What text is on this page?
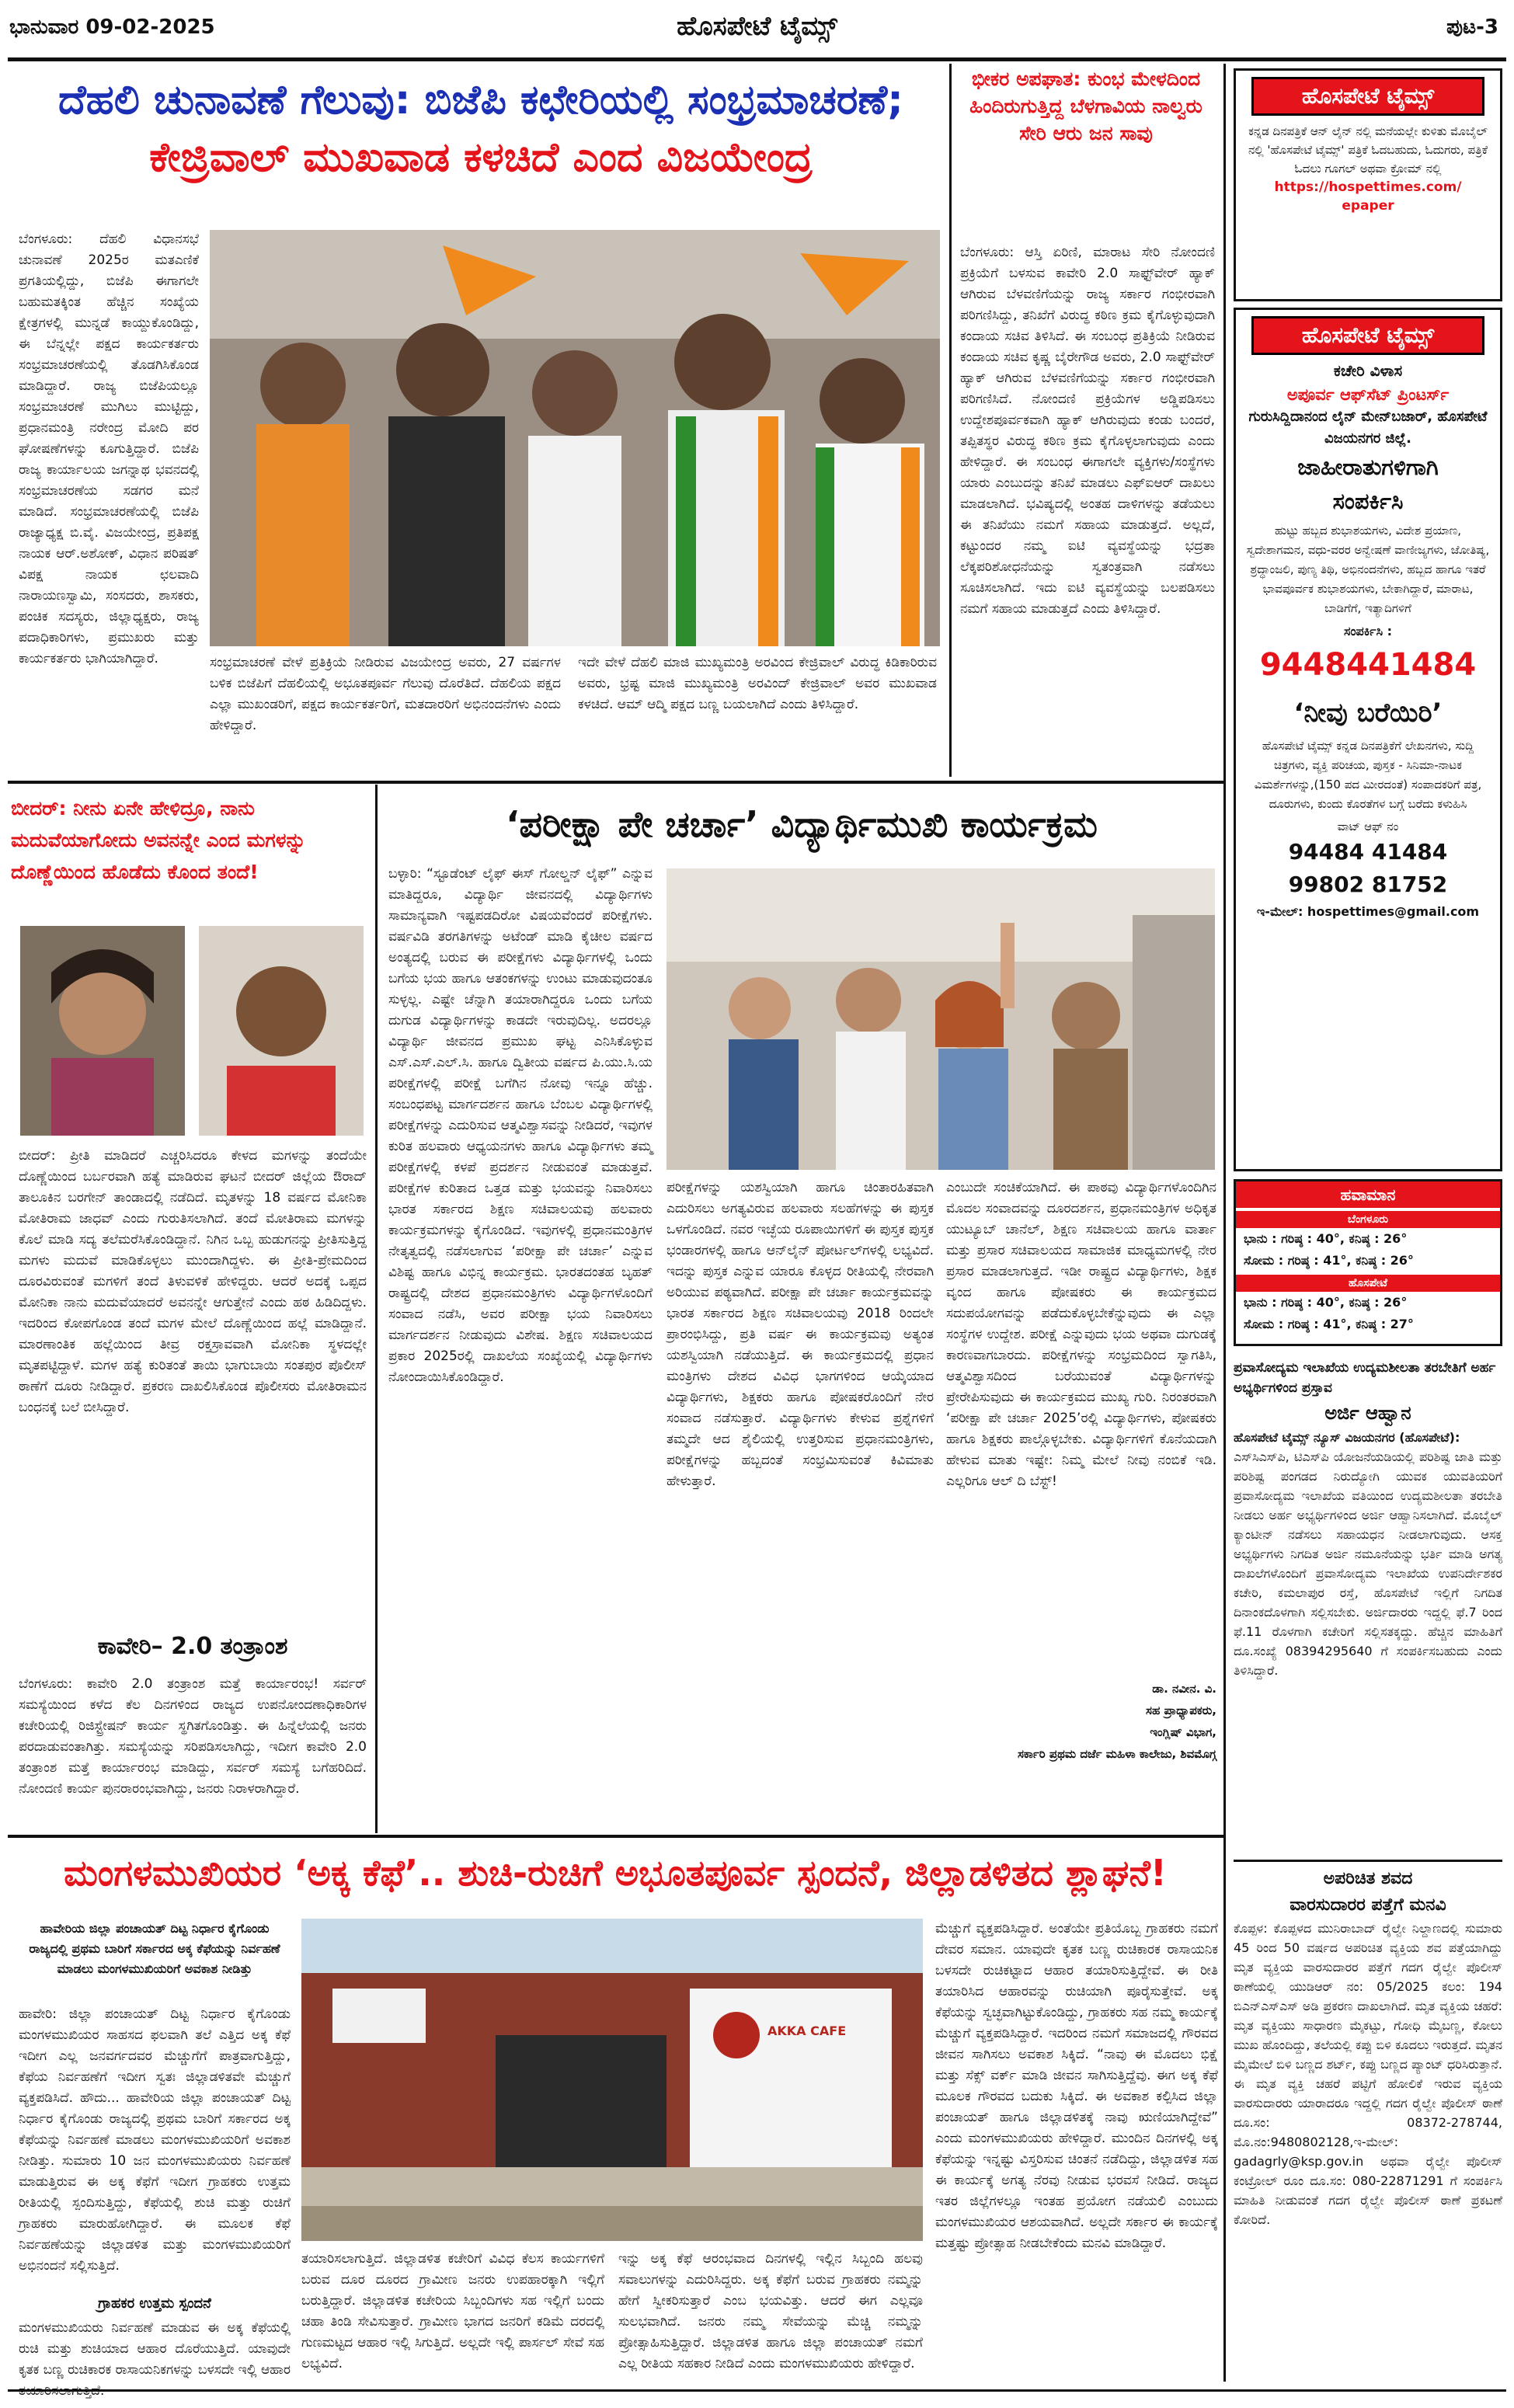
ಭಾನುವಾರ 09-02-2025	ಹೊಸಪೇಟೆ ಟೈಮ್ಸ್	ಪುಟ-3
ದೆಹಲಿ ಚುನಾವಣೆ ಗೆಲುವು: ಬಿಜೆಪಿ ಕಛೇರಿಯಲ್ಲಿ ಸಂಭ್ರಮಾಚರಣೆ;
ಕೇಜ್ರಿವಾಲ್ ಮುಖವಾಡ ಕಳಚಿದೆ ಎಂದ ವಿಜಯೇಂದ್ರ
ಬೆಂಗಳೂರು: ದೆಹಲಿ ವಿಧಾನಸಭೆ ಚುನಾವಣೆ 2025ರ ಮತಎಣಿಕೆ ಪ್ರಗತಿಯಲ್ಲಿದ್ದು, ಬಿಜೆಪಿ ಈಗಾಗಲೇ ಬಹುಮತಕ್ಕಿಂತ ಹೆಚ್ಚಿನ ಸಂಖ್ಯೆಯ ಕ್ಷೇತ್ರಗಳಲ್ಲಿ ಮುನ್ನಡೆ ಕಾಯ್ದುಕೊಂಡಿದ್ದು, ಈ ಬೆನ್ನಲ್ಲೇ ಪಕ್ಷದ ಕಾರ್ಯಕರ್ತರು ಸಂಭ್ರಮಾಚರಣೆಯಲ್ಲಿ ತೊಡಗಿಸಿಕೊಂಡ ಮಾಡಿದ್ದಾರೆ. ರಾಜ್ಯ ಬಿಜೆಪಿಯಲ್ಲೂ ಸಂಭ್ರಮಾಚರಣೆ ಮುಗಿಲು ಮುಟ್ಟಿದ್ದು, ಪ್ರಧಾನಮಂತ್ರಿ ನರೇಂದ್ರ ಮೋದಿ ಪರ ಘೋಷಣೆಗಳನ್ನು ಕೂಗುತ್ತಿದ್ದಾರೆ. ಬಿಜೆಪಿ ರಾಜ್ಯ ಕಾರ್ಯಾಲಯ ಜಗನ್ನಾಥ ಭವನದಲ್ಲಿ ಸಂಭ್ರಮಾಚರಣೆಯ ಸಡಗರ ಮನೆ ಮಾಡಿದೆ. ಸಂಭ್ರಮಾಚರಣೆಯಲ್ಲಿ ಬಿಜೆಪಿ ರಾಜ್ಯಾಧ್ಯಕ್ಷ ಬಿ.ವೈ. ವಿಜಯೇಂದ್ರ, ಪ್ರತಿಪಕ್ಷ ನಾಯಕ ಆರ್.ಅಶೋಕ್, ವಿಧಾನ ಪರಿಷತ್ ವಿಪಕ್ಷ ನಾಯಕ ಛಲವಾದಿ ನಾರಾಯಣಸ್ವಾಮಿ, ಸಂಸದರು, ಶಾಸಕರು, ಪಂಚಿಕ ಸದಸ್ಯರು, ಜಿಲ್ಲಾಧ್ಯಕ್ಷರು, ರಾಜ್ಯ ಪದಾಧಿಕಾರಿಗಳು, ಪ್ರಮುಖರು ಮತ್ತು ಕಾರ್ಯಕರ್ತರು ಭಾಗಿಯಾಗಿದ್ದಾರೆ.	ಸಂಭ್ರಮಾಚರಣೆ ವೇಳೆ ಪ್ರತಿಕ್ರಿಯೆ ನೀಡಿರುವ ವಿಜಯೇಂದ್ರ ಅವರು, 27 ವರ್ಷಗಳ ಬಳಿಕ ಬಿಜೆಪಿಗೆ ದೆಹಲಿಯಲ್ಲಿ ಅಭೂತಪೂರ್ವ ಗೆಲುವು ದೊರೆತಿದೆ. ದೆಹಲಿಯ ಪಕ್ಷದ ಎಲ್ಲಾ ಮುಖಂಡರಿಗೆ, ಪಕ್ಷದ ಕಾರ್ಯಕರ್ತರಿಗೆ, ಮತದಾರರಿಗೆ ಅಭಿನಂದನೆಗಳು ಎಂದು ಹೇಳಿದ್ದಾರೆ.
ಇದೇ ವೇಳೆ ದೆಹಲಿ ಮಾಜಿ ಮುಖ್ಯಮಂತ್ರಿ ಅರವಿಂದ ಕೇಜ್ರಿವಾಲ್ ವಿರುದ್ಧ ಕಿಡಿಕಾರಿರುವ ಅವರು, ಭ್ರಷ್ಟ ಮಾಜಿ ಮುಖ್ಯಮಂತ್ರಿ ಅರವಿಂದ್ ಕೇಜ್ರಿವಾಲ್ ಅವರ ಮುಖವಾಡ ಕಳಚಿದೆ. ಆಮ್ ಆದ್ಮಿ ಪಕ್ಷದ ಬಣ್ಣ ಬಯಲಾಗಿದೆ ಎಂದು ತಿಳಿಸಿದ್ದಾರೆ.
ಭೀಕರ ಅಪಘಾತ: ಕುಂಭ ಮೇಳದಿಂದ ಹಿಂದಿರುಗುತ್ತಿದ್ದ ಬೆಳಗಾವಿಯ ನಾಲ್ವರು ಸೇರಿ ಆರು ಜನ ಸಾವು
ಬೆಂಗಳೂರು: ಆಸ್ತಿ ಏರಿಣಿ, ಮಾರಾಟ ಸೇರಿ ನೋಂದಣಿ ಪ್ರಕ್ರಿಯೆಗೆ ಬಳಸುವ ಕಾವೇರಿ 2.0 ಸಾಫ್ಟ್‌ವೇರ್ ಹ್ಯಾಕ್ ಆಗಿರುವ ಬೆಳವಣಿಗೆಯನ್ನು ರಾಜ್ಯ ಸರ್ಕಾರ ಗಂಭೀರವಾಗಿ ಪರಿಗಣಿಸಿದ್ದು, ತನಿಖೆಗೆ ವಿರುದ್ಧ ಕಠಿಣ ಕ್ರಮ ಕೈಗೊಳ್ಳುವುದಾಗಿ ಕಂದಾಯ ಸಚಿವ ತಿಳಿಸಿದೆ. ಈ ಸಂಬಂಧ ಪ್ರತಿಕ್ರಿಯೆ ನೀಡಿರುವ ಕಂದಾಯ ಸಚಿವ ಕೃಷ್ಣ ಬೈರೇಗೌಡ ಅವರು, 2.0 ಸಾಫ್ಟ್‌ವೇರ್ ಹ್ಯಾಕ್ ಆಗಿರುವ ಬೆಳವಣಿಗೆಯನ್ನು ಸರ್ಕಾರ ಗಂಭೀರವಾಗಿ ಪರಿಗಣಿಸಿದೆ. ನೋಂದಣಿ ಪ್ರಕ್ರಿಯೆಗಳ ಅಡ್ಡಿಪಡಿಸಲು ಉದ್ದೇಶಪೂರ್ವಕವಾಗಿ ಹ್ಯಾಕ್ ಆಗಿರುವುದು ಕಂಡು ಬಂದರೆ, ತಪ್ಪಿತಸ್ಥರ ವಿರುದ್ಧ ಕಠಿಣ ಕ್ರಮ ಕೈಗೊಳ್ಳಲಾಗುವುದು ಎಂದು ಹೇಳಿದ್ದಾರೆ. ಈ ಸಂಬಂಧ ಈಗಾಗಲೇ ವ್ಯಕ್ತಿಗಳು/ಸಂಸ್ಥೆಗಳು ಯಾರು ಎಂಬುದನ್ನು ತನಿಖೆ ಮಾಡಲು ಎಫ್‌ಐಆರ್ ದಾಖಲು ಮಾಡಲಾಗಿದೆ. ಭವಿಷ್ಯದಲ್ಲಿ ಅಂತಹ ದಾಳಿಗಳನ್ನು ತಡೆಯಲು ಈ ತನಿಖೆಯು ನಮಗೆ ಸಹಾಯ ಮಾಡುತ್ತದೆ. ಅಲ್ಲದೆ, ಕಟ್ಟುಂದರ ನಮ್ಮ ಐಟಿ ವ್ಯವಸ್ಥೆಯನ್ನು ಭದ್ರತಾ ಲೆಕ್ಕಪರಿಶೋಧನೆಯನ್ನು ಸ್ವತಂತ್ರವಾಗಿ ನಡೆಸಲು ಸೂಚಿಸಲಾಗಿದೆ. ಇದು ಐಟಿ ವ್ಯವಸ್ಥೆಯನ್ನು ಬಲಪಡಿಸಲು ನಮಗೆ ಸಹಾಯ ಮಾಡುತ್ತದೆ ಎಂದು ತಿಳಿಸಿದ್ದಾರೆ.
ಬೀದರ್: ನೀನು ಏನೇ ಹೇಳಿದ್ರೂ, ನಾನು ಮದುವೆಯಾಗೋದು ಅವನನ್ನೇ ಎಂದ ಮಗಳನ್ನು ದೊಣ್ಣೆಯಿಂದ ಹೊಡೆದು ಕೊಂದ ತಂದೆ!
ಬೀದರ್: ಪ್ರೀತಿ ಮಾಡಿದರೆ ಎಚ್ಚರಿಸಿದರೂ ಕೇಳದ ಮಗಳನ್ನು ತಂದೆಯೇ ದೊಣ್ಣೆಯಿಂದ ಬರ್ಬರವಾಗಿ ಹತ್ಯೆ ಮಾಡಿರುವ ಘಟನೆ ಬೀದರ್ ಜಿಲ್ಲೆಯ ಔರಾದ್ ತಾಲೂಕಿನ ಬರಗೇನ್ ತಾಂಡಾದಲ್ಲಿ ನಡೆದಿದೆ. ಮೃತಳನ್ನು 18 ವರ್ಷದ ಮೋನಿಕಾ ಮೋತಿರಾಮ ಜಾಧವ್ ಎಂದು ಗುರುತಿಸಲಾಗಿದೆ. ತಂದೆ ಮೋತಿರಾಮ ಮಗಳನ್ನು ಕೊಲೆ ಮಾಡಿ ಸದ್ಯ ತಲೆಮರೆಸಿಕೊಂಡಿದ್ದಾನೆ. ನಿಗಿನ ಒಬ್ಬ ಹುಡುಗನನ್ನು ಪ್ರೀತಿಸುತ್ತಿದ್ದ ಮಗಳು ಮದುವೆ ಮಾಡಿಕೊಳ್ಳಲು ಮುಂದಾಗಿದ್ದಳು. ಈ ಪ್ರೀತಿ-ಪ್ರೇಮದಿಂದ ದೂರವಿರುವಂತೆ ಮಗಳಿಗೆ ತಂದೆ ತಿಳುವಳಿಕೆ ಹೇಳಿದ್ದರು. ಆದರೆ ಅದಕ್ಕೆ ಒಪ್ಪದ ಮೋನಿಕಾ ನಾನು ಮದುವೆಯಾದರೆ ಅವನನ್ನೇ ಆಗುತ್ತೇನೆ ಎಂದು ಹಠ ಹಿಡಿದಿದ್ದಳು. ಇದರಿಂದ ಕೋಪಗೊಂಡ ತಂದೆ ಮಗಳ ಮೇಲೆ ದೊಣ್ಣೆಯಿಂದ ಹಲ್ಲೆ ಮಾಡಿದ್ದಾನೆ. ಮಾರಣಾಂತಿಕ ಹಲ್ಲೆಯಿಂದ ತೀವ್ರ ರಕ್ತಸ್ರಾವವಾಗಿ ಮೋನಿಕಾ ಸ್ಥಳದಲ್ಲೇ ಮೃತಪಟ್ಟಿದ್ದಾಳೆ. ಮಗಳ ಹತ್ಯೆ ಕುರಿತಂತೆ ತಾಯಿ ಭಾಗುಬಾಯಿ ಸಂತಪುರ ಪೊಲೀಸ್ ಠಾಣೆಗೆ ದೂರು ನೀಡಿದ್ದಾರೆ. ಪ್ರಕರಣ ದಾಖಲಿಸಿಕೊಂಡ ಪೊಲೀಸರು ಮೋತಿರಾಮನ ಬಂಧನಕ್ಕೆ ಬಲೆ ಬೀಸಿದ್ದಾರೆ.
ಕಾವೇರಿ– 2.0 ತಂತ್ರಾಂಶ
ಬೆಂಗಳೂರು: ಕಾವೇರಿ 2.0 ತಂತ್ರಾಂಶ ಮತ್ತೆ ಕಾರ್ಯಾರಂಭ! ಸರ್ವರ್ ಸಮಸ್ಯೆಯಿಂದ ಕಳೆದ ಕೆಲ ದಿನಗಳಿಂದ ರಾಜ್ಯದ ಉಪನೋಂದಣಾಧಿಕಾರಿಗಳ ಕಚೇರಿಯಲ್ಲಿ ರಿಜಿಸ್ಟ್ರೇಷನ್ ಕಾರ್ಯ ಸ್ಥಗಿತಗೊಂಡಿತ್ತು. ಈ ಹಿನ್ನೆಲೆಯಲ್ಲಿ ಜನರು ಪರದಾಡುವಂತಾಗಿತ್ತು. ಸಮಸ್ಯೆಯನ್ನು ಸರಿಪಡಿಸಲಾಗಿದ್ದು, ಇದೀಗ ಕಾವೇರಿ 2.0 ತಂತ್ರಾಂಶ ಮತ್ತೆ ಕಾರ್ಯಾರಂಭ ಮಾಡಿದ್ದು, ಸರ್ವರ್ ಸಮಸ್ಯೆ ಬಗೆಹರಿದಿದೆ. ನೋಂದಣಿ ಕಾರ್ಯ ಪುನರಾರಂಭವಾಗಿದ್ದು, ಜನರು ನಿರಾಳರಾಗಿದ್ದಾರೆ.
‘ಪರೀಕ್ಷಾ ಪೇ ಚರ್ಚಾ’ ವಿದ್ಯಾರ್ಥಿಮುಖಿ ಕಾರ್ಯಕ್ರಮ
ಬಳ್ಳಾರಿ: “ಸ್ಟೂಡೆಂಟ್ ಲೈಫ್ ಈಸ್ ಗೋಲ್ಡನ್ ಲೈಫ್” ಎನ್ನುವ ಮಾತಿದ್ದರೂ, ವಿದ್ಯಾರ್ಥಿ ಜೀವನದಲ್ಲಿ ವಿದ್ಯಾರ್ಥಿಗಳು ಸಾಮಾನ್ಯವಾಗಿ ಇಷ್ಟಪಡದಿರೋ ವಿಷಯವೆಂದರೆ ಪರೀಕ್ಷೆಗಳು. ವರ್ಷವಿಡಿ ತರಗತಿಗಳನ್ನು ಅಟೆಂಡ್ ಮಾಡಿ ಕೈಚೀಲ ವರ್ಷದ ಅಂತ್ಯದಲ್ಲಿ ಬರುವ ಈ ಪರೀಕ್ಷೆಗಳು ವಿದ್ಯಾರ್ಥಿಗಳಲ್ಲಿ ಒಂದು ಬಗೆಯ ಭಯ ಹಾಗೂ ಆತಂಕಗಳನ್ನು ಉಂಟು ಮಾಡುವುದಂತೂ ಸುಳ್ಳಲ್ಲ. ಎಷ್ಟೇ ಚೆನ್ನಾಗಿ ತಯಾರಾಗಿದ್ದರೂ ಒಂದು ಬಗೆಯ ದುಗುಡ ವಿದ್ಯಾರ್ಥಿಗಳನ್ನು ಕಾಡದೇ ಇರುವುದಿಲ್ಲ. ಅದರಲ್ಲೂ ವಿದ್ಯಾರ್ಥಿ ಜೀವನದ ಪ್ರಮುಖ ಘಟ್ಟ ಎನಿಸಿಕೊಳ್ಳುವ ಎಸ್.ಎಸ್.ಎಲ್.ಸಿ. ಹಾಗೂ ದ್ವಿತೀಯ ವರ್ಷದ ಪಿ.ಯು.ಸಿ.ಯ ಪರೀಕ್ಷೆಗಳಲ್ಲಿ ಪರೀಕ್ಷೆ ಬಗೆಗಿನ ನೋವು ಇನ್ನೂ ಹೆಚ್ಚು. ಸಂಬಂಧಪಟ್ಟ ಮಾರ್ಗದರ್ಶನ ಹಾಗೂ ಬೆಂಬಲ ವಿದ್ಯಾರ್ಥಿಗಳಲ್ಲಿ ಪರೀಕ್ಷೆಗಳನ್ನು ಎದುರಿಸುವ ಆತ್ಮವಿಶ್ವಾಸವನ್ನು ನೀಡಿದರೆ, ಇವುಗಳ ಕುರಿತ ಹಲವಾರು ಆಧ್ಯಯನಗಳು ಹಾಗೂ ವಿದ್ಯಾರ್ಥಿಗಳು ತಮ್ಮ ಪರೀಕ್ಷೆಗಳಲ್ಲಿ ಕಳಪೆ ಪ್ರದರ್ಶನ ನೀಡುವಂತೆ ಮಾಡುತ್ತವೆ. ಪರೀಕ್ಷೆಗಳ ಕುರಿತಾದ ಒತ್ತಡ ಮತ್ತು ಭಯವನ್ನು ನಿವಾರಿಸಲು ಭಾರತ ಸರ್ಕಾರದ ಶಿಕ್ಷಣ ಸಚಿವಾಲಯವು ಹಲವಾರು ಕಾರ್ಯಕ್ರಮಗಳನ್ನು ಕೈಗೊಂಡಿದೆ. ಇವುಗಳಲ್ಲಿ ಪ್ರಧಾನಮಂತ್ರಿಗಳ ನೇತೃತ್ವದಲ್ಲಿ ನಡೆಸಲಾಗುವ ‘ಪರೀಕ್ಷಾ ಪೇ ಚರ್ಚಾ’ ಎನ್ನುವ ವಿಶಿಷ್ಟ ಹಾಗೂ ವಿಭಿನ್ನ ಕಾರ್ಯಕ್ರಮ. ಭಾರತದಂತಹ ಬೃಹತ್ ರಾಷ್ಟ್ರದಲ್ಲಿ ದೇಶದ ಪ್ರಧಾನಮಂತ್ರಿಗಳು ವಿದ್ಯಾರ್ಥಿಗಳೊಂದಿಗೆ ಸಂವಾದ ನಡೆಸಿ, ಅವರ ಪರೀಕ್ಷಾ ಭಯ ನಿವಾರಿಸಲು ಮಾರ್ಗದರ್ಶನ ನೀಡುವುದು ವಿಶೇಷ. ಶಿಕ್ಷಣ ಸಚಿವಾಲಯದ ಪ್ರಕಾರ 2025ರಲ್ಲಿ ದಾಖಲೆಯ ಸಂಖ್ಯೆಯಲ್ಲಿ ವಿದ್ಯಾರ್ಥಿಗಳು ನೋಂದಾಯಿಸಿಕೊಂಡಿದ್ದಾರೆ.
ಪರೀಕ್ಷೆಗಳನ್ನು ಯಶಸ್ವಿಯಾಗಿ ಹಾಗೂ ಚಿಂತಾರಹಿತವಾಗಿ ಎದುರಿಸಲು ಅಗತ್ಯವಿರುವ ಹಲವಾರು ಸಲಹೆಗಳನ್ನು ಈ ಪುಸ್ತಕ ಒಳಗೊಂಡಿದೆ. ನವರ ಇಚ್ಛೆಯ ರೂಪಾಯಿಗಳಿಗೆ ಈ ಪುಸ್ತಕ ಪುಸ್ತಕ ಭಂಡಾರಗಳಲ್ಲಿ ಹಾಗೂ ಆನ್‌ಲೈನ್ ಪೋರ್ಟಲ್‌ಗಳಲ್ಲಿ ಲಭ್ಯವಿದೆ. ಇದನ್ನು ಪುಸ್ತಕ ಎನ್ನುವ ಯಾರೂ ಕೊಳ್ಳದ ರೀತಿಯಲ್ಲಿ ನೇರವಾಗಿ ಅರಿಯುವ ಪಠ್ಯವಾಗಿದೆ. ಪರೀಕ್ಷಾ ಪೇ ಚರ್ಚಾ ಕಾರ್ಯಕ್ರಮವನ್ನು ಭಾರತ ಸರ್ಕಾರದ ಶಿಕ್ಷಣ ಸಚಿವಾಲಯವು 2018 ರಿಂದಲೇ ಪ್ರಾರಂಭಿಸಿದ್ದು, ಪ್ರತಿ ವರ್ಷ ಈ ಕಾರ್ಯಕ್ರಮವು ಅತ್ಯಂತ ಯಶಸ್ವಿಯಾಗಿ ನಡೆಯುತ್ತಿದೆ. ಈ ಕಾರ್ಯಕ್ರಮದಲ್ಲಿ ಪ್ರಧಾನ ಮಂತ್ರಿಗಳು ದೇಶದ ವಿವಿಧ ಭಾಗಗಳಿಂದ ಆಯ್ಕೆಯಾದ ವಿದ್ಯಾರ್ಥಿಗಳು, ಶಿಕ್ಷಕರು ಹಾಗೂ ಪೋಷಕರೊಂದಿಗೆ ನೇರ ಸಂವಾದ ನಡೆಸುತ್ತಾರೆ. ವಿದ್ಯಾರ್ಥಿಗಳು ಕೇಳುವ ಪ್ರಶ್ನೆಗಳಿಗೆ ತಮ್ಮದೇ ಆದ ಶೈಲಿಯಲ್ಲಿ ಉತ್ತರಿಸುವ ಪ್ರಧಾನಮಂತ್ರಿಗಳು, ಪರೀಕ್ಷೆಗಳನ್ನು ಹಬ್ಬದಂತೆ ಸಂಭ್ರಮಿಸುವಂತೆ ಕಿವಿಮಾತು ಹೇಳುತ್ತಾರೆ.
ಎಂಬುದೇ ಸಂಚಿಕೆಯಾಗಿದೆ. ಈ ಪಾಠವು ವಿದ್ಯಾರ್ಥಿಗಳೊಂದಿಗಿನ ಮೊದಲ ಸಂವಾದವನ್ನು ದೂರದರ್ಶನ, ಪ್ರಧಾನಮಂತ್ರಿಗಳ ಅಧಿಕೃತ ಯುಟ್ಯೂಬ್ ಚಾನೆಲ್, ಶಿಕ್ಷಣ ಸಚಿವಾಲಯ ಹಾಗೂ ವಾರ್ತಾ ಮತ್ತು ಪ್ರಸಾರ ಸಚಿವಾಲಯದ ಸಾಮಾಜಿಕ ಮಾಧ್ಯಮಗಳಲ್ಲಿ ನೇರ ಪ್ರಸಾರ ಮಾಡಲಾಗುತ್ತದೆ. ಇಡೀ ರಾಷ್ಟ್ರದ ವಿದ್ಯಾರ್ಥಿಗಳು, ಶಿಕ್ಷಕ ವೃಂದ ಹಾಗೂ ಪೋಷಕರು ಈ ಕಾರ್ಯಕ್ರಮದ ಸದುಪಯೋಗವನ್ನು ಪಡೆದುಕೊಳ್ಳಬೇಕೆನ್ನುವುದು ಈ ಎಲ್ಲಾ ಸಂಸ್ಥೆಗಳ ಉದ್ದೇಶ. ಪರೀಕ್ಷೆ ಎನ್ನುವುದು ಭಯ ಅಥವಾ ದುಗುಡಕ್ಕೆ ಕಾರಣವಾಗಬಾರದು. ಪರೀಕ್ಷೆಗಳನ್ನು ಸಂಭ್ರಮದಿಂದ ಸ್ವಾಗತಿಸಿ, ಆತ್ಮವಿಶ್ವಾಸದಿಂದ ಬರೆಯುವಂತೆ ವಿದ್ಯಾರ್ಥಿಗಳನ್ನು ಪ್ರೇರೇಪಿಸುವುದು ಈ ಕಾರ್ಯಕ್ರಮದ ಮುಖ್ಯ ಗುರಿ. ನಿರಂತರವಾಗಿ ‘ಪರೀಕ್ಷಾ ಪೇ ಚರ್ಚಾ 2025’ರಲ್ಲಿ ವಿದ್ಯಾರ್ಥಿಗಳು, ಪೋಷಕರು ಹಾಗೂ ಶಿಕ್ಷಕರು ಪಾಲ್ಗೊಳ್ಳಬೇಕು. ವಿದ್ಯಾರ್ಥಿಗಳಿಗೆ ಕೊನೆಯದಾಗಿ ಹೇಳುವ ಮಾತು ಇಷ್ಟೇ: ನಿಮ್ಮ ಮೇಲೆ ನೀವು ನಂಬಿಕೆ ಇಡಿ. ಎಲ್ಲರಿಗೂ ಆಲ್ ದಿ ಬೆಸ್ಟ್!
ಡಾ. ನವೀನ. ವಿ.
ಸಹ ಪ್ರಾಧ್ಯಾಪಕರು,
ಇಂಗ್ಲಿಷ್ ವಿಭಾಗ,
ಸರ್ಕಾರಿ ಪ್ರಥಮ ದರ್ಜೆ ಮಹಿಳಾ ಕಾಲೇಜು, ಶಿವಮೊಗ್ಗ
ಮಂಗಳಮುಖಿಯರ ‘ಅಕ್ಕ ಕೆಫೆ’.. ಶುಚಿ-ರುಚಿಗೆ ಅಭೂತಪೂರ್ವ ಸ್ಪಂದನೆ, ಜಿಲ್ಲಾಡಳಿತದ ಶ್ಲಾಘನೆ!
ಹಾವೇರಿಯ ಜಿಲ್ಲಾ ಪಂಚಾಯತ್ ದಿಟ್ಟ ನಿರ್ಧಾರ ಕೈಗೊಂಡು ರಾಜ್ಯದಲ್ಲಿ ಪ್ರಥಮ ಬಾರಿಗೆ ಸರ್ಕಾರದ ಅಕ್ಕ ಕೆಫೆಯನ್ನು ನಿರ್ವಹಣೆ ಮಾಡಲು ಮಂಗಳಮುಖಿಯರಿಗೆ ಅವಕಾಶ ನೀಡಿತ್ತು
ಹಾವೇರಿ: ಜಿಲ್ಲಾ ಪಂಚಾಯತ್ ದಿಟ್ಟ ನಿರ್ಧಾರ ಕೈಗೊಂಡು ಮಂಗಳಮುಖಿಯರ ಸಾಹಸದ ಫಲವಾಗಿ ತಲೆ ಎತ್ತಿದ ಅಕ್ಕ ಕೆಫೆ ಇದೀಗ ಎಲ್ಲ ಜನವರ್ಗದವರ ಮೆಚ್ಚುಗೆಗೆ ಪಾತ್ರವಾಗುತ್ತಿದ್ದು, ಕೆಫೆಯ ನಿರ್ವಹಣೆಗೆ ಇದೀಗ ಸ್ವತಃ ಜಿಲ್ಲಾಡಳಿತವೇ ಮೆಚ್ಚುಗೆ ವ್ಯಕ್ತಪಡಿಸಿದೆ. ಹೌದು... ಹಾವೇರಿಯ ಜಿಲ್ಲಾ ಪಂಚಾಯತ್ ದಿಟ್ಟ ನಿರ್ಧಾರ ಕೈಗೊಂಡು ರಾಜ್ಯದಲ್ಲಿ ಪ್ರಥಮ ಬಾರಿಗೆ ಸರ್ಕಾರದ ಅಕ್ಕ ಕೆಫೆಯನ್ನು ನಿರ್ವಹಣೆ ಮಾಡಲು ಮಂಗಳಮುಖಿಯರಿಗೆ ಅವಕಾಶ ನೀಡಿತ್ತು. ಸುಮಾರು 10 ಜನ ಮಂಗಳಮುಖಿಯರು ನಿರ್ವಹಣೆ ಮಾಡುತ್ತಿರುವ ಈ ಅಕ್ಕ ಕೆಫೆಗೆ ಇದೀಗ ಗ್ರಾಹಕರು ಉತ್ತಮ ರೀತಿಯಲ್ಲಿ ಸ್ಪಂದಿಸುತ್ತಿದ್ದು, ಕೆಫೆಯಲ್ಲಿ ಶುಚಿ ಮತ್ತು ರುಚಿಗೆ ಗ್ರಾಹಕರು ಮಾರುಹೋಗಿದ್ದಾರೆ. ಈ ಮೂಲಕ ಕೆಫೆ ನಿರ್ವಹಣೆಯನ್ನು ಜಿಲ್ಲಾಡಳಿತ ಮತ್ತು ಮಂಗಳಮುಖಿಯರಿಗೆ ಅಭಿನಂದನೆ ಸಲ್ಲಿಸುತ್ತಿದೆ.
ಗ್ರಾಹಕರ ಉತ್ತಮ ಸ್ಪಂದನೆ
ಮಂಗಳಮುಖಿಯರು ನಿರ್ವಹಣೆ ಮಾಡುವ ಈ ಅಕ್ಕ ಕೆಫೆಯಲ್ಲಿ ರುಚಿ ಮತ್ತು ಶುಚಿಯಾದ ಆಹಾರ ದೊರೆಯುತ್ತಿದೆ. ಯಾವುದೇ ಕೃತಕ ಬಣ್ಣ ರುಚಿಕಾರಕ ರಾಸಾಯನಿಕಗಳನ್ನು ಬಳಸದೇ ಇಲ್ಲಿ ಆಹಾರ
AKKA CAFE
ತಯಾರಿಸಲಾಗುತ್ತಿದೆ. ಜಿಲ್ಲಾಡಳಿತ ಕಚೇರಿಗೆ ವಿವಿಧ ಕೆಲಸ ಕಾರ್ಯಗಳಿಗೆ ಬರುವ ದೂರ ದೂರದ ಗ್ರಾಮೀಣ ಜನರು ಉಪಹಾರಕ್ಕಾಗಿ ಇಲ್ಲಿಗೆ ಬರುತ್ತಿದ್ದಾರೆ. ಜಿಲ್ಲಾಡಳಿತ ಕಚೇರಿಯ ಸಿಬ್ಬಂದಿಗಳು ಸಹ ಇಲ್ಲಿಗೆ ಬಂದು ಚಹಾ ತಿಂಡಿ ಸೇವಿಸುತ್ತಾರೆ. ಗ್ರಾಮೀಣ ಭಾಗದ ಜನರಿಗೆ ಕಡಿಮೆ ದರದಲ್ಲಿ ಗುಣಮಟ್ಟದ ಆಹಾರ ಇಲ್ಲಿ ಸಿಗುತ್ತಿದೆ. ಅಲ್ಲದೇ ಇಲ್ಲಿ ಪಾರ್ಸಲ್ ಸೇವೆ ಸಹ ಲಭ್ಯವಿದೆ.
ಇನ್ನು ಅಕ್ಕ ಕೆಫೆ ಆರಂಭವಾದ ದಿನಗಳಲ್ಲಿ ಇಲ್ಲಿನ ಸಿಬ್ಬಂದಿ ಹಲವು ಸವಾಲುಗಳನ್ನು ಎದುರಿಸಿದ್ದರು. ಅಕ್ಕ ಕೆಫೆಗೆ ಬರುವ ಗ್ರಾಹಕರು ನಮ್ಮನ್ನು ಹೇಗೆ ಸ್ವೀಕರಿಸುತ್ತಾರೆ ಎಂಬ ಭಯವಿತ್ತು. ಆದರೆ ಈಗ ಎಲ್ಲವೂ ಸುಲಭವಾಗಿದೆ. ಜನರು ನಮ್ಮ ಸೇವೆಯನ್ನು ಮೆಚ್ಚಿ ನಮ್ಮನ್ನು ಪ್ರೋತ್ಸಾಹಿಸುತ್ತಿದ್ದಾರೆ. ಜಿಲ್ಲಾಡಳಿತ ಹಾಗೂ ಜಿಲ್ಲಾ ಪಂಚಾಯತ್ ನಮಗೆ ಎಲ್ಲ ರೀತಿಯ ಸಹಕಾರ ನೀಡಿದೆ ಎಂದು ಮಂಗಳಮುಖಿಯರು ಹೇಳಿದ್ದಾರೆ.
ಮೆಚ್ಚುಗೆ ವ್ಯಕ್ತಪಡಿಸಿದ್ದಾರೆ. ಅಂತೆಯೇ ಪ್ರತಿಯೊಬ್ಬ ಗ್ರಾಹಕರು ನಮಗೆ ದೇವರ ಸಮಾನ. ಯಾವುದೇ ಕೃತಕ ಬಣ್ಣ ರುಚಿಕಾರಕ ರಾಸಾಯನಿಕ ಬಳಸದೇ ರುಚಿಕಟ್ಟಾದ ಆಹಾರ ತಯಾರಿಸುತ್ತಿದ್ದೇವೆ. ಈ ರೀತಿ ತಯಾರಿಸಿದ ಆಹಾರವನ್ನು ರುಚಿಯಾಗಿ ಪೂರೈಸುತ್ತೇವೆ. ಅಕ್ಕ ಕೆಫೆಯನ್ನು ಸ್ವಚ್ಛವಾಗಿಟ್ಟುಕೊಂಡಿದ್ದು, ಗ್ರಾಹಕರು ಸಹ ನಮ್ಮ ಕಾರ್ಯಕ್ಕೆ ಮೆಚ್ಚುಗೆ ವ್ಯಕ್ತಪಡಿಸಿದ್ದಾರೆ. ಇದರಿಂದ ನಮಗೆ ಸಮಾಜದಲ್ಲಿ ಗೌರವದ ಜೀವನ ಸಾಗಿಸಲು ಅವಕಾಶ ಸಿಕ್ಕಿದೆ. “ನಾವು ಈ ಮೊದಲು ಭಿಕ್ಷೆ ಮತ್ತು ಸೆಕ್ಸ್ ವರ್ಕ್ ಮಾಡಿ ಜೀವನ ಸಾಗಿಸುತ್ತಿದ್ದೆವು. ಈಗ ಅಕ್ಕ ಕೆಫೆ ಮೂಲಕ ಗೌರವದ ಬದುಕು ಸಿಕ್ಕಿದೆ. ಈ ಅವಕಾಶ ಕಲ್ಪಿಸಿದ ಜಿಲ್ಲಾ ಪಂಚಾಯತ್ ಹಾಗೂ ಜಿಲ್ಲಾಡಳಿತಕ್ಕೆ ನಾವು ಋಣಿಯಾಗಿದ್ದೇವೆ” ಎಂದು ಮಂಗಳಮುಖಿಯರು ಹೇಳಿದ್ದಾರೆ. ಮುಂದಿನ ದಿನಗಳಲ್ಲಿ ಅಕ್ಕ ಕೆಫೆಯನ್ನು ಇನ್ನಷ್ಟು ವಿಸ್ತರಿಸುವ ಚಿಂತನೆ ನಡೆದಿದ್ದು, ಜಿಲ್ಲಾಡಳಿತ ಸಹ ಈ ಕಾರ್ಯಕ್ಕೆ ಅಗತ್ಯ ನೆರವು ನೀಡುವ ಭರವಸೆ ನೀಡಿದೆ. ರಾಜ್ಯದ ಇತರ ಜಿಲ್ಲೆಗಳಲ್ಲೂ ಇಂತಹ ಪ್ರಯೋಗ ನಡೆಯಲಿ ಎಂಬುದು ಮಂಗಳಮುಖಿಯರ ಆಶಯವಾಗಿದೆ. ಅಲ್ಲದೇ ಸರ್ಕಾರ ಈ ಕಾರ್ಯಕ್ಕೆ ಮತ್ತಷ್ಟು ಪ್ರೋತ್ಸಾಹ ನೀಡಬೇಕೆಂದು ಮನವಿ ಮಾಡಿದ್ದಾರೆ.
ಹೊಸಪೇಟೆ ಟೈಮ್ಸ್
ಕನ್ನಡ ದಿನಪತ್ರಿಕೆ ಆನ್ ಲೈನ್ ನಲ್ಲಿ ಮನೆಯಲ್ಲೇ ಕುಳಿತು ಮೊಬೈಲ್ ನಲ್ಲಿ 'ಹೊಸಪೇಟೆ ಟೈಮ್ಸ್' ಪತ್ರಿಕೆ ಓದಬಹುದು, ಓದುಗರು, ಪತ್ರಿಕೆ ಓದಲು ಗೂಗಲ್ ಅಥವಾ ಕ್ರೋಮ್ ನಲ್ಲಿ
https://hospettimes.com/
epaper
ಹೊಸಪೇಟೆ ಟೈಮ್ಸ್
ಕಚೇರಿ ವಿಳಾಸ
ಅಪೂರ್ವ ಆಫ್‌ಸೆಟ್ ಪ್ರಿಂಟರ್ಸ್
ಗುರುಸಿದ್ದಿದಾನಂದ ಲೈನ್ ಮೇನ್‌ಬಜಾರ್, ಹೊಸಪೇಟೆ ವಿಜಯನಗರ ಜಿಲ್ಲೆ.
ಜಾಹೀರಾತುಗಳಿಗಾಗಿ
ಸಂಪರ್ಕಿಸಿ
ಹುಟ್ಟು ಹಬ್ಬದ ಶುಭಾಶಯಗಳು, ವಿದೇಶ ಪ್ರಯಾಣ, ಸ್ವದೇಶಾಗಮನ, ವಧು-ವರರ ಅನ್ವೇಷಣೆ ವಾಣೀಜ್ಯಗಳು, ಜೋತಿಷ್ಯ, ಶ್ರದ್ಧಾಂಜಲಿ, ಪುಣ್ಯ ತಿಥಿ, ಅಭಿನಂದನೆಗಳು, ಹಬ್ಬದ ಹಾಗೂ ಇತರೆ ಭಾವಪೂರ್ವಕ ಶುಭಾಶಯಗಳು, ಬೇಕಾಗಿದ್ದಾರೆ, ಮಾರಾಟ, ಬಾಡಿಗೆಗೆ, ಇತ್ಯಾದಿಗಳಿಗೆ
ಸಂಪರ್ಕಿಸಿ :
9448441484
‘ನೀವು ಬರೆಯಿರಿ’
ಹೊಸಪೇಟೆ ಟೈಮ್ಸ್ ಕನ್ನಡ ದಿನಪತ್ರಿಕೆಗೆ ಲೇಖನಗಳು, ಸುದ್ದಿ ಚಿತ್ರಗಳು, ವ್ಯಕ್ತಿ ಪರಿಚಯ, ಪುಸ್ತಕ - ಸಿನಿಮಾ-ನಾಟಕ ವಿಮರ್ಶೆಗಳನ್ನು,(150 ಪದ ಮೀರದಂತೆ) ಸಂಪಾದಕರಿಗೆ ಪತ್ರ, ದೂರುಗಳು, ಕುಂದು ಕೊರತೆಗಳ ಬಗ್ಗೆ ಬರೆದು ಕಳುಹಿಸಿ
ವಾಟ್ ಆಫ್ ನಂ
94484 41484
99802 81752
ಇ-ಮೇಲ್: hospettimes@gmail.com
ಹವಾಮಾನ
ಬೆಂಗಳೂರು
ಭಾನು : ಗರಿಷ್ಠ : 40°, ಕನಿಷ್ಠ : 26°
ಸೋಮ : ಗರಿಷ್ಠ : 41°, ಕನಿಷ್ಠ : 26°
ಹೊಸಪೇಟೆ
ಭಾನು : ಗರಿಷ್ಠ : 40°, ಕನಿಷ್ಠ : 26°
ಸೋಮ : ಗರಿಷ್ಠ : 41°, ಕನಿಷ್ಠ : 27°
ಪ್ರವಾಸೋದ್ಯಮ ಇಲಾಖೆಯ ಉದ್ಯಮಶೀಲತಾ ತರಬೇತಿಗೆ ಅರ್ಹ ಅಭ್ಯರ್ಥಿಗಳಿಂದ ಪ್ರಸ್ತಾವ
ಅರ್ಜಿ ಆಹ್ವಾನ
ಹೊಸಪೇಟೆ ಟೈಮ್ಸ್ ನ್ಯೂಸ್ ವಿಜಯನಗರ (ಹೊಸಪೇಟೆ):
ಎಸ್‌ಸಿಎಸ್‌ಪಿ, ಟಿಎಸ್‌ಪಿ ಯೋಜನೆಯಡಿಯಲ್ಲಿ ಪರಿಶಿಷ್ಟ ಜಾತಿ ಮತ್ತು ಪರಿಶಿಷ್ಟ ಪಂಗಡದ ನಿರುದ್ಯೋಗಿ ಯುವಕ ಯುವತಿಯರಿಗೆ ಪ್ರವಾಸೋದ್ಯಮ ಇಲಾಖೆಯ ವತಿಯಿಂದ ಉದ್ಯಮಶೀಲತಾ ತರಬೇತಿ ನೀಡಲು ಅರ್ಹ ಅಭ್ಯರ್ಥಿಗಳಿಂದ ಅರ್ಜಿ ಆಹ್ವಾನಿಸಲಾಗಿದೆ. ಮೊಬೈಲ್ ಕ್ಯಾಂಟೀನ್ ನಡೆಸಲು ಸಹಾಯಧನ ನೀಡಲಾಗುವುದು. ಆಸಕ್ತ ಅಭ್ಯರ್ಥಿಗಳು ನಿಗದಿತ ಅರ್ಜಿ ನಮೂನೆಯನ್ನು ಭರ್ತಿ ಮಾಡಿ ಅಗತ್ಯ ದಾಖಲೆಗಳೊಂದಿಗೆ ಪ್ರವಾಸೋದ್ಯಮ ಇಲಾಖೆಯ ಉಪನಿರ್ದೇಶಕರ ಕಚೇರಿ, ಕಮಲಾಪುರ ರಸ್ತೆ, ಹೊಸಪೇಟೆ ಇಲ್ಲಿಗೆ ನಿಗದಿತ ದಿನಾಂಕದೊಳಗಾಗಿ ಸಲ್ಲಿಸಬೇಕು. ಅರ್ಜಿದಾರರು ಇದ್ದಲ್ಲಿ ಫೆ.7 ರಿಂದ ಫೆ.11 ರೊಳಗಾಗಿ ಕಚೇರಿಗೆ ಸಲ್ಲಿಸತಕ್ಕದ್ದು. ಹೆಚ್ಚಿನ ಮಾಹಿತಿಗೆ ದೂ.ಸಂಖ್ಯೆ 08394295640 ಗೆ ಸಂಪರ್ಕಿಸಬಹುದು ಎಂದು ತಿಳಿಸಿದ್ದಾರೆ.
ಅಪರಿಚಿತ ಶವದ
ವಾರಸುದಾರರ ಪತ್ತೆಗೆ ಮನವಿ
ಕೊಪ್ಪಳ: ಕೊಪ್ಪಳದ ಮುನಿರಾಬಾದ್ ರೈಲ್ವೇ ನಿಲ್ದಾಣದಲ್ಲಿ ಸುಮಾರು 45 ರಿಂದ 50 ವರ್ಷದ ಅಪರಿಚಿತ ವ್ಯಕ್ತಿಯ ಶವ ಪತ್ತೆಯಾಗಿದ್ದು ಮೃತ ವ್ಯಕ್ತಿಯ ವಾರಸುದಾರರ ಪತ್ತೆಗೆ ಗದಗ ರೈಲ್ವೇ ಪೊಲೀಸ್ ಠಾಣೆಯಲ್ಲಿ ಯುಡಿಆರ್ ನಂ: 05/2025 ಕಲಂ: 194 ಬಿಎನ್‌ಎಸ್‌ಎಸ್ ಅಡಿ ಪ್ರಕರಣ ದಾಖಲಾಗಿದೆ. ಮೃತ ವ್ಯಕ್ತಿಯ ಚಹರೆ: ಮೃತ ವ್ಯಕ್ತಿಯು ಸಾಧಾರಣ ಮೈಕಟ್ಟು, ಗೋಧಿ ಮೈಬಣ್ಣ, ಕೋಲು ಮುಖ ಹೊಂದಿದ್ದು, ತಲೆಯಲ್ಲಿ ಕಪ್ಪು ಬಿಳಿ ಕೂದಲು ಇರುತ್ತದೆ. ಮೃತನ ಮೈಮೇಲೆ ಬಿಳಿ ಬಣ್ಣದ ಶರ್ಟ್, ಕಪ್ಪು ಬಣ್ಣದ ಪ್ಯಾಂಟ್ ಧರಿಸಿರುತ್ತಾನೆ. ಈ ಮೃತ ವ್ಯಕ್ತಿ ಚಹರೆ ಪಟ್ಟಿಗೆ ಹೋಲಿಕೆ ಇರುವ ವ್ಯಕ್ತಿಯ ವಾರಸುದಾರರು ಯಾರಾದರೂ ಇದ್ದಲ್ಲಿ ಗದಗ ರೈಲ್ವೇ ಪೊಲೀಸ್ ಠಾಣೆ ದೂ.ಸಂ: 08372-278744, ಮೊ.ನಂ:9480802128,ಇ-ಮೇಲ್: gadagrly@ksp.gov.in ಅಥವಾ ರೈಲ್ವೇ ಪೊಲೀಸ್ ಕಂಟ್ರೋಲ್ ರೂಂ ದೂ.ಸಂ: 080-22871291 ಗೆ ಸಂಪರ್ಕಿಸಿ ಮಾಹಿತಿ ನೀಡುವಂತೆ ಗದಗ ರೈಲ್ವೇ ಪೊಲೀಸ್ ಠಾಣೆ ಪ್ರಕಟಣೆ ಕೋರಿದೆ.
